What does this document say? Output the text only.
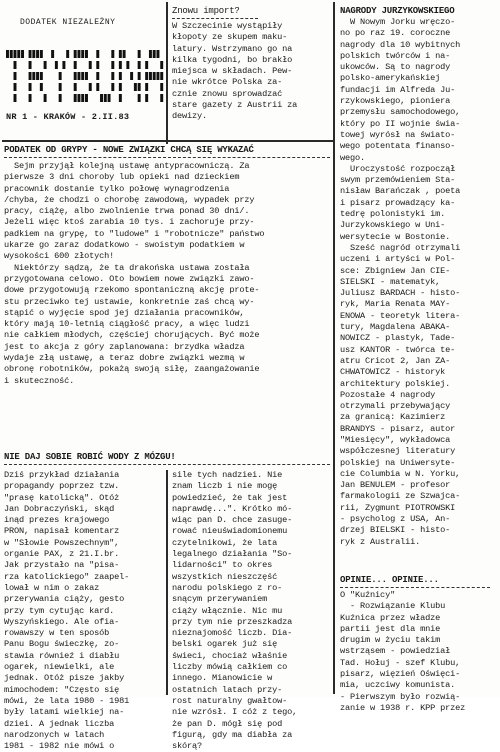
DODATEK NIEZALEŻNY
NR 1 - KRAKÓW - 2.II.83
Znowu import?
W Szczecinie wystąpiły
kłopoty ze skupem maku-
latury. Wstrzymano go na
kilka tygodni, bo brakło
miejsca w składach. Pew-
nie wkrótce Polska za-
cznie znowu sprowadzać
stare gazety z Austrii za
dewizy.
PODATEK OD GRYPY - NOWE ZWIĄZKI CHCĄ SIĘ WYKAZAĆ
Sejm przyjął kolejną ustawę antypracowniczą. Za
pierwsze 3 dni choroby lub opieki nad dzieckiem
pracownik dostanie tylko połowę wynagrodzenia
/chyba, że chodzi o chorobę zawodową, wypadek przy
pracy, ciążę, albo zwolnienie trwa ponad 30 dni/.
Jeżeli więc ktoś zarabia 10 tys. i zachoruje przy-
padkiem na grypę, to "ludowe" i "robotnicze" państwo
ukarze go zaraz dodatkowo - swoistym podatkiem w
wysokości 600 złotych!
Niektórzy sądzą, że ta drakońska ustawa została
przygotowana celowo. Oto bowiem nowe związki zawo-
dowe przygotowują rzekomo spontaniczną akcję prote-
stu przeciwko tej ustawie, konkretnie zaś chcą wy-
stąpić o wyjęcie spod jej działania pracowników,
który mają 10-letnią ciągłość pracy, a więc ludzi
nie całkiem młodych, częściej chorujących. Być może
jest to akcja z góry zaplanowana: brzydka władza
wydaje złą ustawę, a teraz dobre związki wezmą w
obronę robotników, pokażą swoją siłę, zaangażowanie
i skuteczność.
NIE DAJ SOBIE ROBIĆ WODY Z MÓZGU!
Dziś przykład działania
propagandy poprzez tzw.
"prasę katolicką". Otóż
Jan Dobraczyński, skąd
inąd prezes krajowego
PRON, napisał komentarz
w "Słowie Powszechnym",
organie PAX, z 21.I.br.
Jak przystało na "pisa-
rza katolickiego" zaapel-
lował w nim o zakaz
przerywania ciąży, gesto
przy tym cytując kard.
Wyszyńskiego. Ale ofia-
rowawszy w ten sposób
Panu Bogu świeczkę, zo-
stawia równieź i diabłu
ogarek, niewielki, ale
jednak. Otóż pisze jakby
mimochodem: "Często się
mówi, że lata 1980 - 1981
były latami wielkiej na-
dziei. A jednak liczba
narodzonych w latach
1981 - 1982 nie mówi o
sile tych nadziei. Nie
znam liczb i nie mogę
powiedzieć, że tak jest
naprawdę...". Krótko mó-
wiąc pan D. chce zasuge-
rować nieuświadomionemu
czytelnikowi, że lata
legalnego działania "So-
lidarności" to okres
wszystkich nieszczęść
narodu polskiego z ro-
snącym przerywaniem
ciąży włącznie. Nic mu
przy tym nie przeszkadza
nieznajomość liczb. Dia-
belski ogarek już się
świeci, chociaż właśnie
liczby mówią całkiem co
innego. Mianowicie w
ostatnich latach przy-
rost naturalny gwałtow-
nie wzrósł. I cóż z tego,
że pan D. mógł się pod
figurą, gdy ma diabła za
skórą?
NAGRODY JURZYKOWSKIEGO
W Nowym Jorku wręczo-
no po raz 19. coroczne
nagrody dla 10 wybitnych
polskich twórców i na-
ukowców. Są to nagrody
polsko-amerykańskiej
fundacji im Alfreda Ju-
rzykowskiego, pioniera
przemysłu samochodowego,
który po II wojnie świa-
towej wyrósł na świato-
wego potentata finanso-
wego.
Uroczystość rozpoczął
swym przemówieniem Sta-
nisław Barańczak , poeta
i pisarz prowadzący ka-
tedrę polonistyki im.
Jurzykowskiego w Uni-
wersytecie w Bostonie.
Sześć nagród otrzymali
uczeni i artyści w Pol-
sce: Zbigniew Jan CIE-
SIELSKI - matematyk,
Juliusz BARDACH - histo-
ryk, Maria Renata MAY-
ENOWA - teoretyk litera-
tury, Magdalena ABAKA-
NOWICZ - plastyk, Tade-
usz KANTOR - twórca te-
atru Cricot 2, Jan ZA-
CHWATOWICZ - historyk
architektury polskiej.
Pozostałe 4 nagrody
otrzymali przebywający
za granicą: Kazimierz
BRANDYS - pisarz, autor
"Miesięcy", wykładowca
współczesnej literatury
polskiej na Uniwersyte-
cie Columbia w N. Yorku,
Jan BENULEM - profesor
farmakologii ze Szwajca-
rii, Zygmunt PIOTROWSKI
- psycholog z USA, An-
drzej BIELSKI - histo-
ryk z Australii.
OPINIE... OPINIE...
O "Kuźnicy"
- Rozwiązanie Klubu
Kuźnica przez władze
partii jest dla mnie
drugim w życiu takim
wstrząsem - powiedział
Tad. Hołuj - szef Klubu,
pisarz, więzień Oświęci-
mia, uczciwy komunista.
- Pierwszym było rozwią-
zanie w 1938 r. KPP przez
